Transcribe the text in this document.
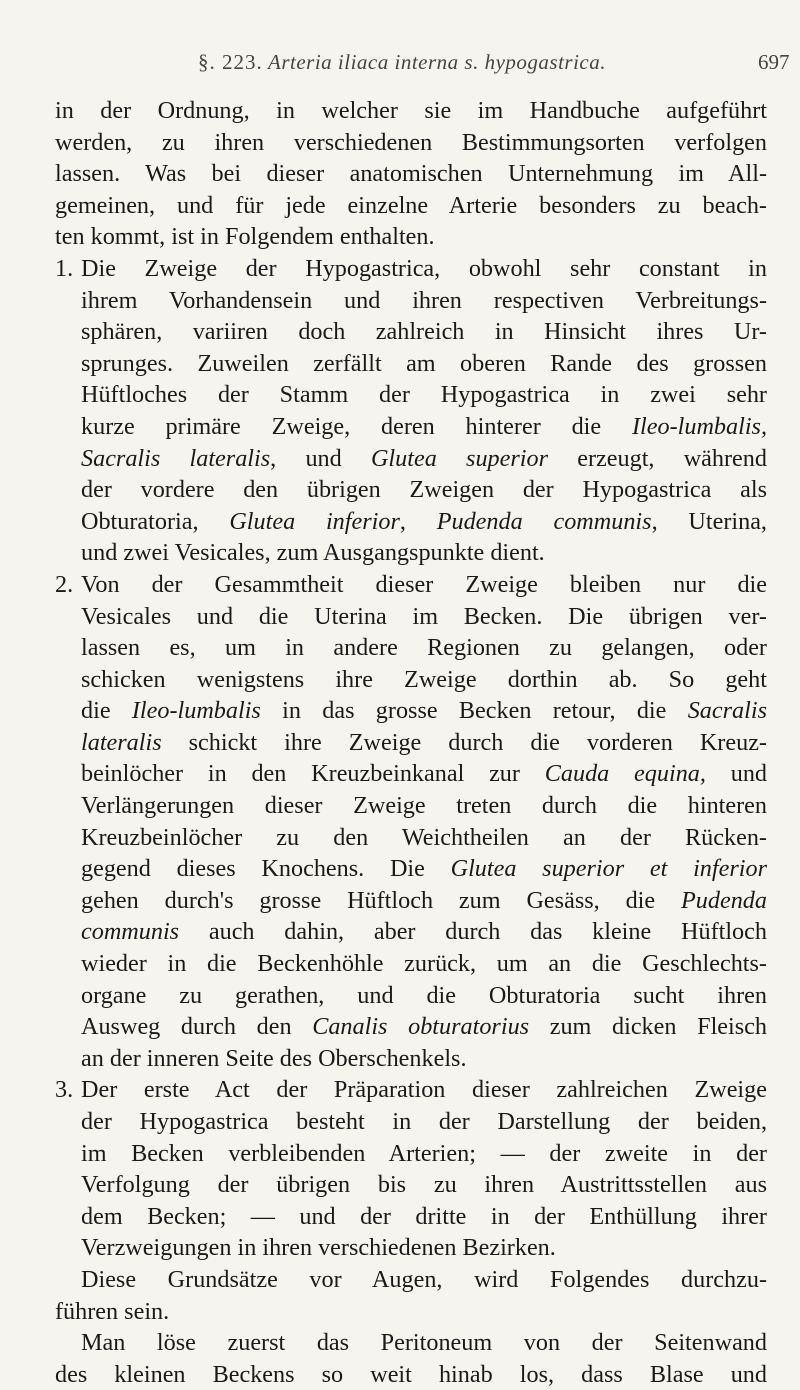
§. 223. Arteria iliaca interna s. hypogastrica.	697
in der Ordnung, in welcher sie im Handbuche aufgeführt
werden, zu ihren verschiedenen Bestimmungsorten verfolgen
lassen. Was bei dieser anatomischen Unternehmung im All-
gemeinen, und für jede einzelne Arterie besonders zu beach-
ten kommt, ist in Folgendem enthalten.
1. Die Zweige der Hypogastrica, obwohl sehr constant in
ihrem Vorhandensein und ihren respectiven Verbreitungs-
sphären, variiren doch zahlreich in Hinsicht ihres Ur-
sprunges. Zuweilen zerfällt am oberen Rande des grossen
Hüftloches der Stamm der Hypogastrica in zwei sehr
kurze primäre Zweige, deren hinterer die Ileo-lumbalis,
Sacralis lateralis, und Glutea superior erzeugt, während
der vordere den übrigen Zweigen der Hypogastrica als
Obturatoria, Glutea inferior, Pudenda communis, Uterina,
und zwei Vesicales, zum Ausgangspunkte dient.
2. Von der Gesammtheit dieser Zweige bleiben nur die
Vesicales und die Uterina im Becken. Die übrigen ver-
lassen es, um in andere Regionen zu gelangen, oder
schicken wenigstens ihre Zweige dorthin ab. So geht
die Ileo-lumbalis in das grosse Becken retour, die Sacralis
lateralis schickt ihre Zweige durch die vorderen Kreuz-
beinlöcher in den Kreuzbeinkanal zur Cauda equina, und
Verlängerungen dieser Zweige treten durch die hinteren
Kreuzbeinlöcher zu den Weichtheilen an der Rücken-
gegend dieses Knochens. Die Glutea superior et inferior
gehen durch's grosse Hüftloch zum Gesäss, die Pudenda
communis auch dahin, aber durch das kleine Hüftloch
wieder in die Beckenhöhle zurück, um an die Geschlechts-
organe zu gerathen, und die Obturatoria sucht ihren
Ausweg durch den Canalis obturatorius zum dicken Fleisch
an der inneren Seite des Oberschenkels.
3. Der erste Act der Präparation dieser zahlreichen Zweige
der Hypogastrica besteht in der Darstellung der beiden,
im Becken verbleibenden Arterien; — der zweite in der
Verfolgung der übrigen bis zu ihren Austrittsstellen aus
dem Becken; — und der dritte in der Enthüllung ihrer
Verzweigungen in ihren verschiedenen Bezirken.
Diese Grundsätze vor Augen, wird Folgendes durchzu-
führen sein.
Man löse zuerst das Peritoneum von der Seitenwand
des kleinen Beckens so weit hinab los, dass Blase und
